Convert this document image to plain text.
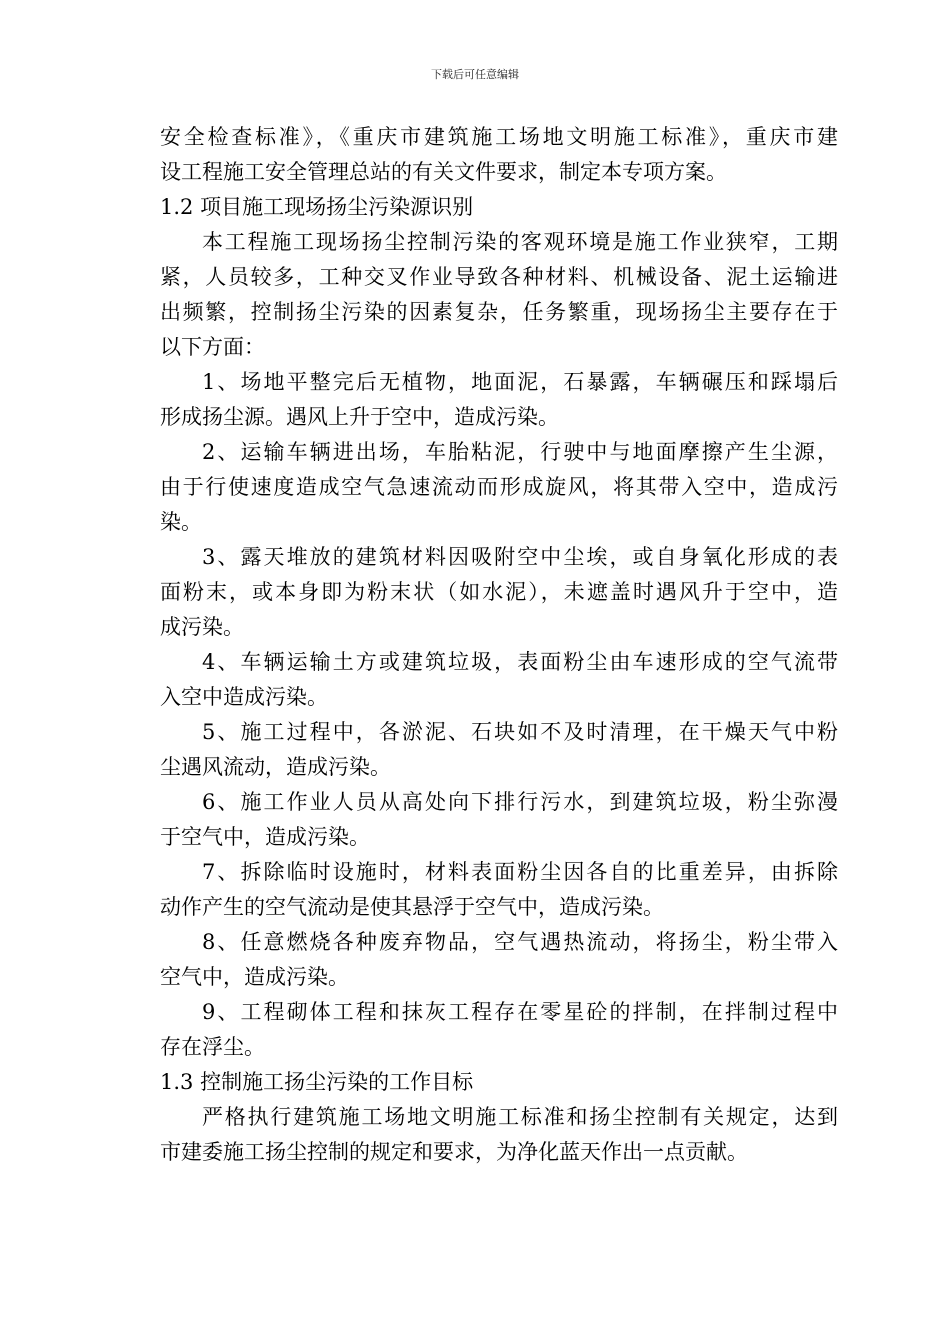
下载后可任意编辑
安全检查标准》，《重庆市建筑施工场地文明施工标准》，重庆市建
设工程施工安全管理总站的有关文件要求，制定本专项方案。
1.2 项目施工现场扬尘污染源识别
本工程施工现场扬尘控制污染的客观环境是施工作业狭窄，工期
紧，人员较多，工种交叉作业导致各种材料、机械设备、泥土运输进
出频繁，控制扬尘污染的因素复杂，任务繁重，现场扬尘主要存在于
以下方面：
1、场地平整完后无植物，地面泥，石暴露，车辆碾压和踩塌后
形成扬尘源。遇风上升于空中，造成污染。
2、运输车辆进出场，车胎粘泥，行驶中与地面摩擦产生尘源，
由于行使速度造成空气急速流动而形成旋风，将其带入空中，造成污
染。
3、露天堆放的建筑材料因吸附空中尘埃，或自身氧化形成的表
面粉末，或本身即为粉末状（如水泥），未遮盖时遇风升于空中，造
成污染。
4、车辆运输土方或建筑垃圾，表面粉尘由车速形成的空气流带
入空中造成污染。
5、施工过程中，各淤泥、石块如不及时清理，在干燥天气中粉
尘遇风流动，造成污染。
6、施工作业人员从高处向下排行污水，到建筑垃圾，粉尘弥漫
于空气中，造成污染。
7、拆除临时设施时，材料表面粉尘因各自的比重差异，由拆除
动作产生的空气流动是使其悬浮于空气中，造成污染。
8、任意燃烧各种废弃物品，空气遇热流动，将扬尘，粉尘带入
空气中，造成污染。
9、工程砌体工程和抹灰工程存在零星砼的拌制，在拌制过程中
存在浮尘。
1.3 控制施工扬尘污染的工作目标
严格执行建筑施工场地文明施工标准和扬尘控制有关规定，达到
市建委施工扬尘控制的规定和要求，为净化蓝天作出一点贡献。
